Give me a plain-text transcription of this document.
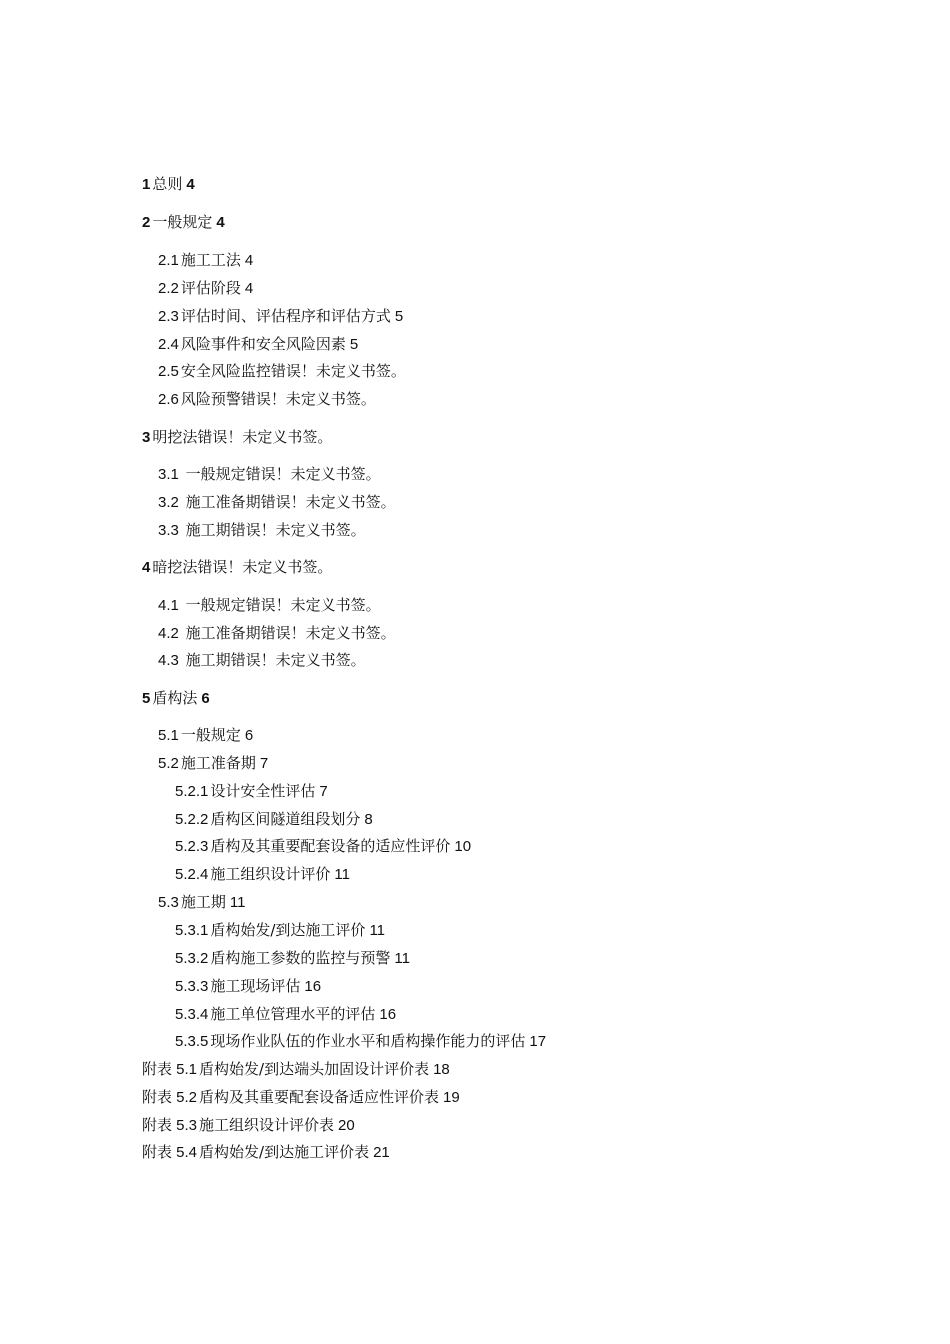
1 总则 4
2 一般规定 4
2.1 施工工法 4
2.2 评估阶段 4
2.3 评估时间、评估程序和评估方式 5
2.4 风险事件和安全风险因素 5
2.5 安全风险监控错误！未定义书签。
2.6 风险预警错误！未定义书签。
3 明挖法错误！未定义书签。
3.1 一般规定错误！未定义书签。
3.2 施工准备期错误！未定义书签。
3.3 施工期错误！未定义书签。
4 暗挖法错误！未定义书签。
4.1 一般规定错误！未定义书签。
4.2 施工准备期错误！未定义书签。
4.3 施工期错误！未定义书签。
5 盾构法 6
5.1 一般规定 6
5.2 施工准备期 7
5.2.1 设计安全性评估 7
5.2.2 盾构区间隧道组段划分 8
5.2.3 盾构及其重要配套设备的适应性评价 10
5.2.4 施工组织设计评价 11
5.3 施工期 11
5.3.1 盾构始发/到达施工评价 11
5.3.2 盾构施工参数的监控与预警 11
5.3.3 施工现场评估 16
5.3.4 施工单位管理水平的评估 16
5.3.5 现场作业队伍的作业水平和盾构操作能力的评估 17
附表 5.1 盾构始发/到达端头加固设计评价表 18
附表 5.2 盾构及其重要配套设备适应性评价表 19
附表 5.3 施工组织设计评价表 20
附表 5.4 盾构始发/到达施工评价表 21
